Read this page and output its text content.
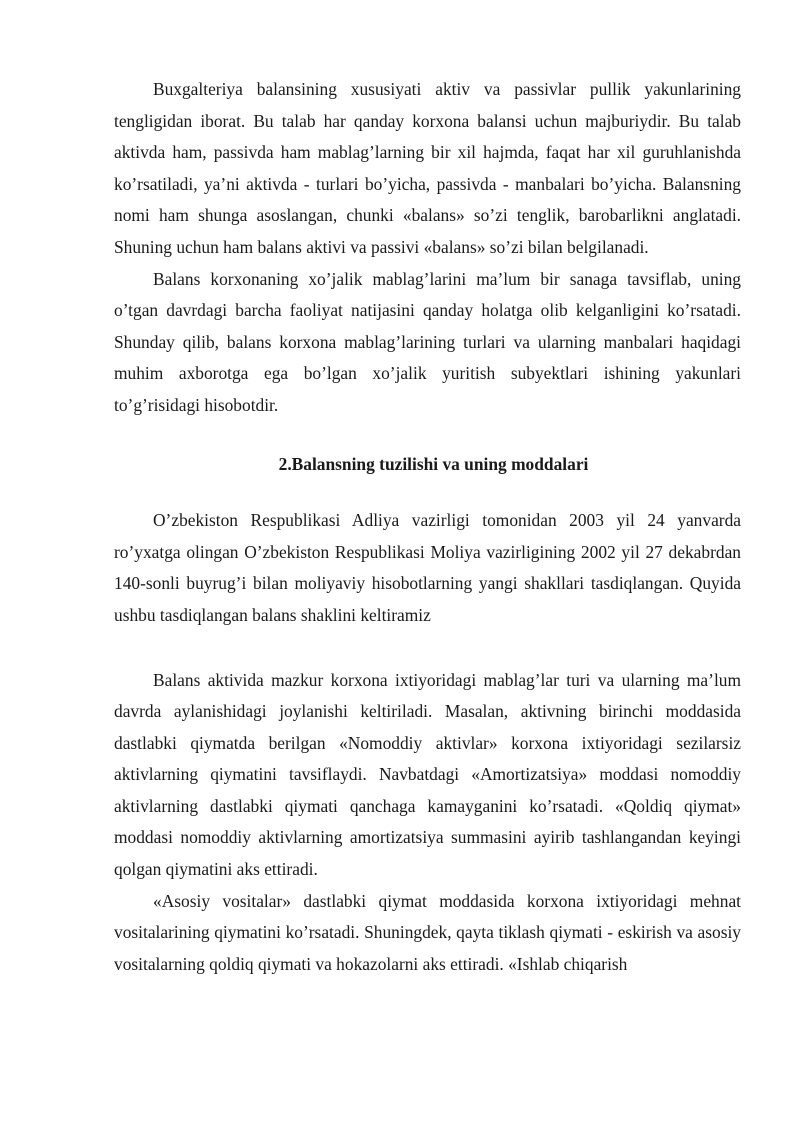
Buxgalteriya balansining xususiyati aktiv va passivlar pullik yakunlarining tengligidan iborat. Bu talab har qanday korxona balansi uchun majburiydir. Bu talab aktivda ham, passivda ham mablag’larning bir xil hajmda, faqat har xil guruhlanishda ko’rsatiladi, ya’ni aktivda - turlari bo’yicha, passivda - manbalari bo’yicha. Balansning nomi ham shunga asoslangan, chunki «balans» so’zi tenglik, barobarlikni anglatadi. Shuning uchun ham balans aktivi va passivi «balans» so’zi bilan belgilanadi.

Balans korxonaning xo’jalik mablag’larini ma’lum bir sanaga tavsiflab, uning o’tgan davrdagi barcha faoliyat natijasini qanday holatga olib kelganligini ko’rsatadi. Shunday qilib, balans korxona mablag’larining turlari va ularning manbalari haqidagi muhim axborotga ega bo’lgan xo’jalik yuritish subyektlari ishining yakunlari to’g’risidagi hisobotdir.

2.Balansning tuzilishi va uning moddalari

O’zbekiston Respublikasi Adliya vazirligi tomonidan 2003 yil 24 yanvarda ro’yxatga olingan O’zbekiston Respublikasi Moliya vazirligining 2002 yil 27 dekabrdan 140-sonli buyrug’i bilan moliyaviy hisobotlarning yangi shakllari tasdiqlangan. Quyida ushbu tasdiqlangan balans shaklini keltiramiz

Balans aktivida mazkur korxona ixtiyoridagi mablag’lar turi va ularning ma’lum davrda aylanishidagi joylanishi keltiriladi. Masalan, aktivning birinchi moddasida dastlabki qiymatda berilgan «Nomoddiy aktivlar» korxona ixtiyoridagi sezilarsiz aktivlarning qiymatini tavsiflaydi. Navbatdagi «Amortizatsiya» moddasi nomoddiy aktivlarning dastlabki qiymati qanchaga kamayganini ko’rsatadi. «Qoldiq qiymat» moddasi nomoddiy aktivlarning amortizatsiya summasini ayirib tashlangandan keyingi qolgan qiymatini aks ettiradi.

«Asosiy vositalar» dastlabki qiymat moddasida korxona ixtiyoridagi mehnat vositalarining qiymatini ko’rsatadi. Shuningdek, qayta tiklash qiymati - eskirish va asosiy vositalarning qoldiq qiymati va hokazolarni aks ettiradi. «Ishlab chiqarish
